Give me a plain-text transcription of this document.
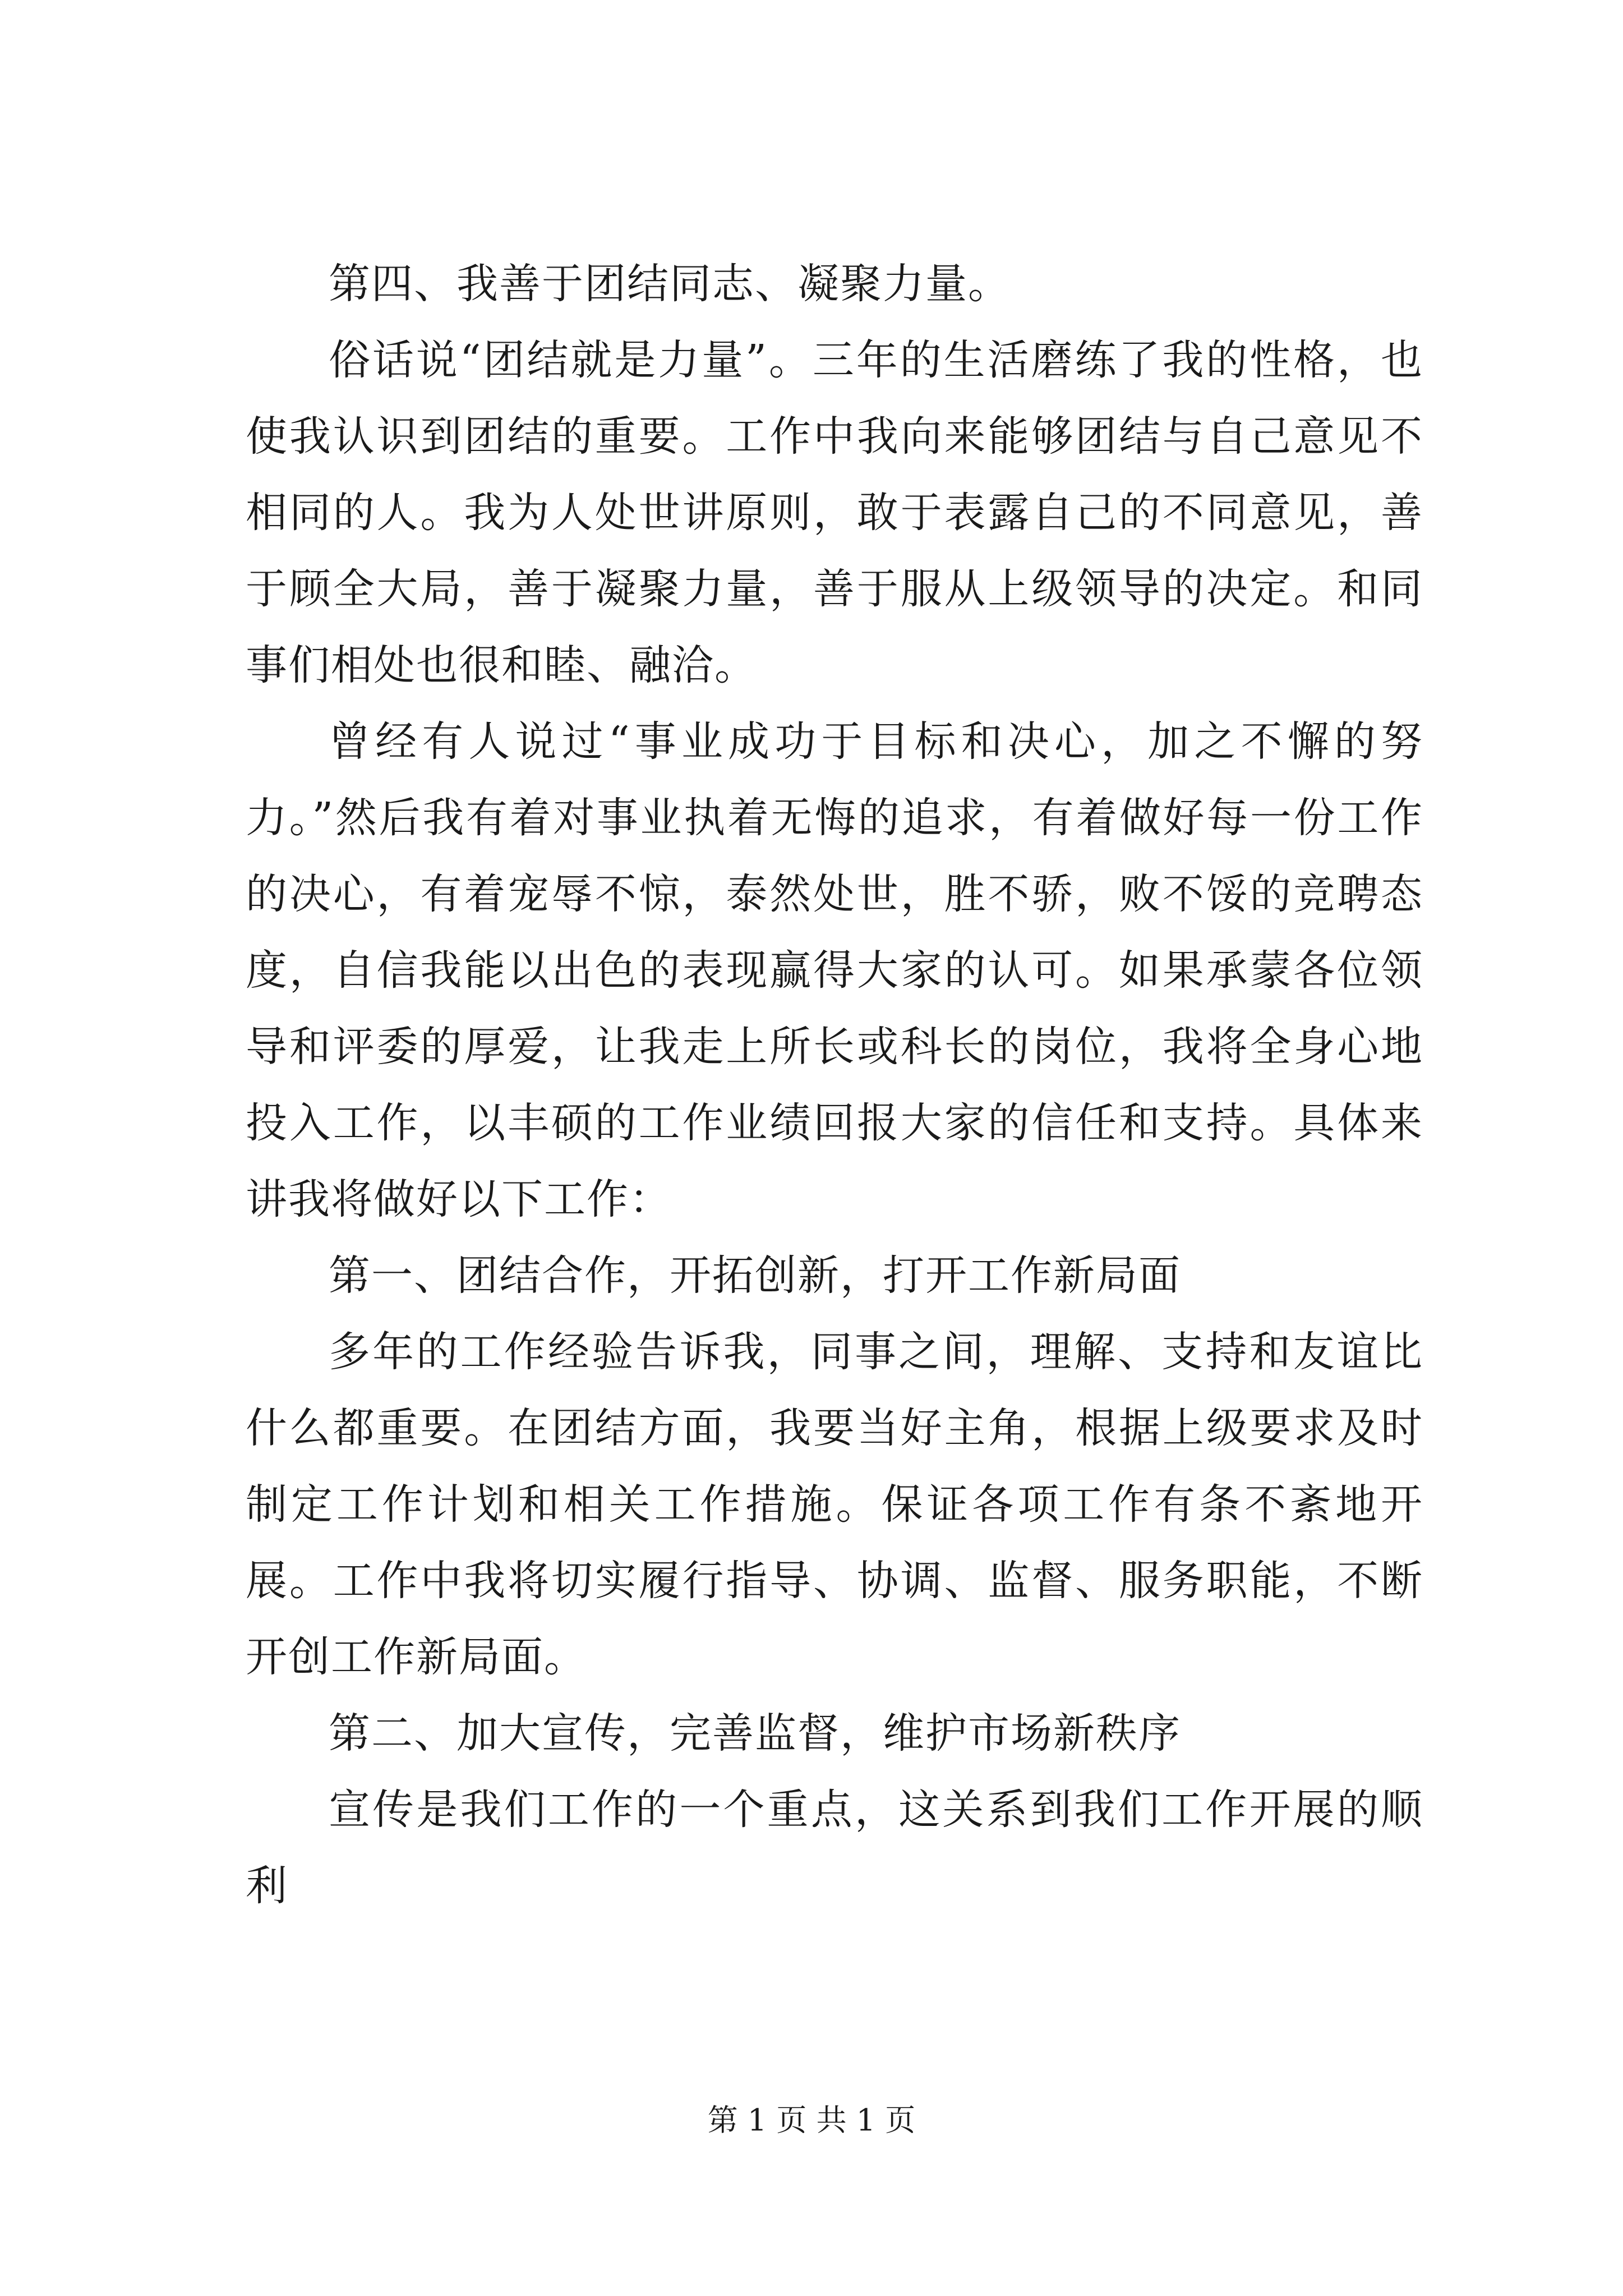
第四、我善于团结同志、凝聚力量。

俗话说“团结就是力量”。三年的生活磨练了我的性格，也使我认识到团结的重要。工作中我向来能够团结与自己意见不相同的人。我为人处世讲原则，敢于表露自己的不同意见，善于顾全大局，善于凝聚力量，善于服从上级领导的决定。和同事们相处也很和睦、融洽。

曾经有人说过“事业成功于目标和决心，加之不懈的努力。”然后我有着对事业执着无悔的追求，有着做好每一份工作的决心，有着宠辱不惊，泰然处世，胜不骄，败不馁的竞聘态度，自信我能以出色的表现赢得大家的认可。如果承蒙各位领导和评委的厚爱，让我走上所长或科长的岗位，我将全身心地投入工作，以丰硕的工作业绩回报大家的信任和支持。具体来讲我将做好以下工作：

第一、团结合作，开拓创新，打开工作新局面

多年的工作经验告诉我，同事之间，理解、支持和友谊比什么都重要。在团结方面，我要当好主角，根据上级要求及时制定工作计划和相关工作措施。保证各项工作有条不紊地开展。工作中我将切实履行指导、协调、监督、服务职能，不断开创工作新局面。

第二、加大宣传，完善监督，维护市场新秩序

宣传是我们工作的一个重点，这关系到我们工作开展的顺利

第 1 页 共 1 页
